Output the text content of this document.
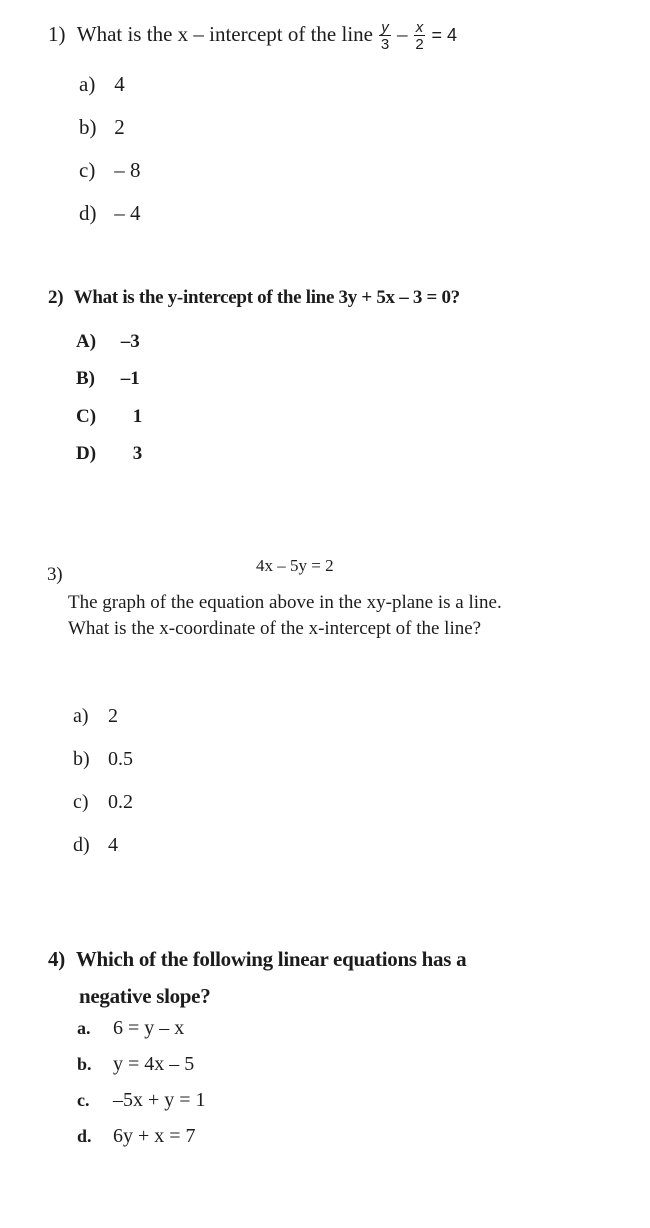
1) What is the x – intercept of the line $\frac{y}{3} - \frac{x}{2} = 4$
a) 4
b) 2
c) – 8
d) – 4
2) What is the y-intercept of the line 3y + 5x – 3 = 0?
A) –3
B) –1
C) 1
D) 3
4x – 5y = 2
3)
The graph of the equation above in the xy-plane is a line. What is the x-coordinate of the x-intercept of the line?
a) 2
b) 0.5
c) 0.2
d) 4
4) Which of the following linear equations has a
negative slope?
a. 6 = y – x
b. y = 4x – 5
c. –5x + y = 1
d. 6y + x = 7
